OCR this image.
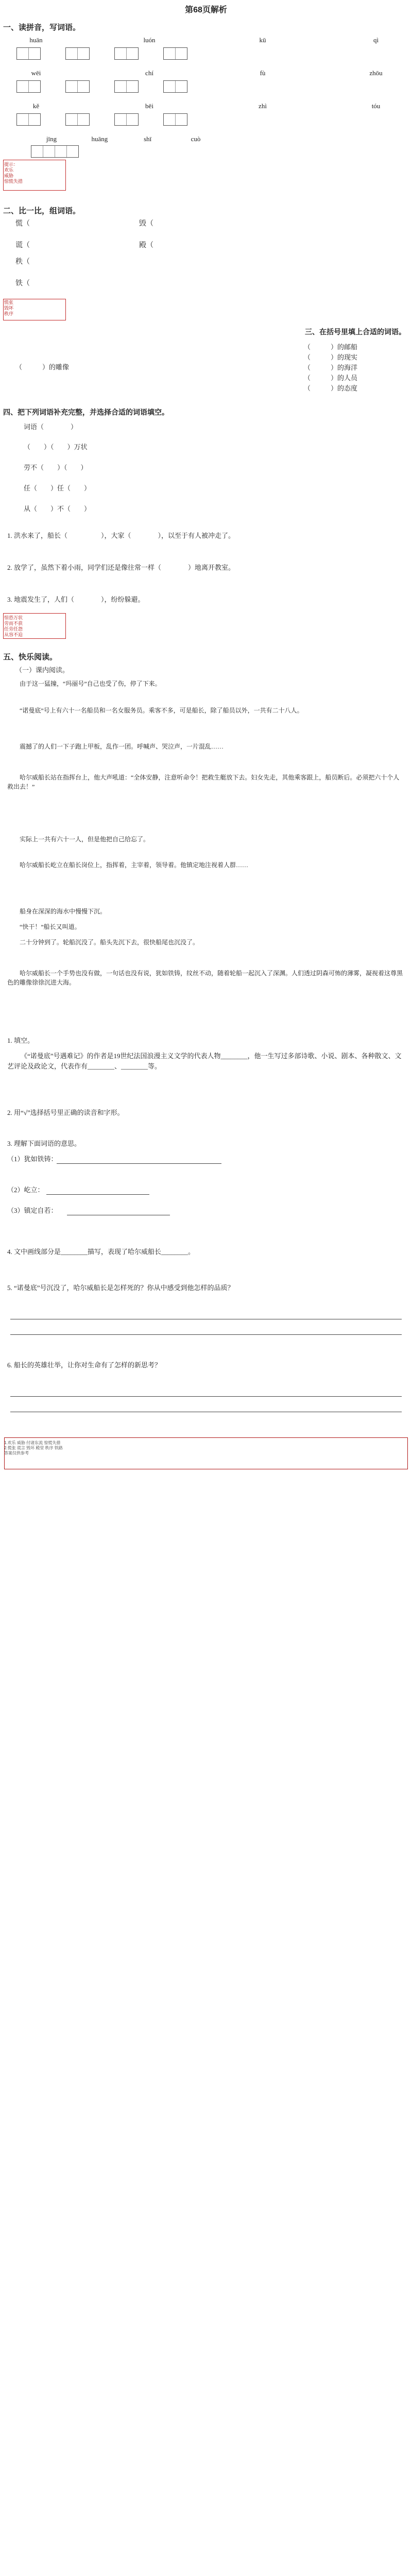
第68页解析
一、读拼音，写词语。
huān	luón	kū	qì
wēi	chí	fù	zhōu
kě	bēi	zhì	tóu
jīng	huāng	shī	cuò
提示：
欢乐
威胁
惊慌失措
二、比一比，组词语。
慌（
谎（
毁（
殿（
秩（
铁（
慌张
毁坏
秩序
三、在括号里填上合适的词语。
（　　　）的邮船
（　　　）的现实
（　　　）的海洋
（　　　）的人员
（　　　）的态度
（　　　）的雕像
四、把下列词语补充完整，并选择合适的词语填空。
词语（　　　　）
（　　）（　　）万状
劳不（　　）（　　）
任（　　）任（　　）
从（　　）不（　　）
1. 洪水来了，船长（　　　　　），大家（　　　　），以至于有人被冲走了。
2. 放学了，虽然下着小雨，同学们还是像往常一样（　　　　）地离开教室。
3. 地震发生了，人们（　　　　），纷纷躲避。
惊恐万状
劳而不获
任劳任怨
从容不迫
五、快乐阅读。
（一）课内阅读。
由于这一猛撞，“玛丽号”自己也受了伤，停了下来。
“诺曼底”号上有六十一名船员和一名女服务员。乘客不多，可是船长，除了船员以外，一共有二十八人。
震撼了的人们一下子跑上甲板，乱作一团。呼喊声、哭泣声，一片混乱……
哈尔威船长站在指挥台上，他大声吼道：“全体安静，注意听命令！把救生艇放下去。妇女先走，其他乘客跟上，船员断后。必须把六十个人救出去！”
实际上一共有六十一人，但是他把自己给忘了。
哈尔威船长屹立在船长岗位上，指挥着，主宰着，领导着。他镇定地注视着人群……
船身在深深的海水中慢慢下沉。
“快干！”船长又叫道。
二十分钟到了。轮船沉没了。船头先沉下去，很快船尾也沉没了。
哈尔威船长一个手势也没有做，一句话也没有说，犹如铁铸，纹丝不动，随着轮船一起沉入了深渊。人们透过阴森可怖的薄雾，凝视着这尊黑色的雕像徐徐沉进大海。
1. 填空。
《“诺曼底”号遇难记》的作者是19世纪法国浪漫主义文学的代表人物________，他一生写过多部诗歌、小说、剧本、各种散文、文艺评论及政论文，代表作有________、________等。
2. 用“√”选择括号里正确的读音和字形。
3. 理解下面词语的意思。
（1）犹如铁铸：
（2）屹立：
（3）镇定自若：
4. 文中画线部分是________描写，表现了哈尔威船长________。
5. “诺曼底”号沉没了，哈尔威船长是怎样死的？你从中感受到他怎样的品质？
6. 船长的英雄壮举，让你对生命有了怎样的新思考？
1.欢乐 威胁 付诸东流 惊慌失措
2.慌张 谎言 毁坏 殿堂 秩序 铁路
答案仅供参考
